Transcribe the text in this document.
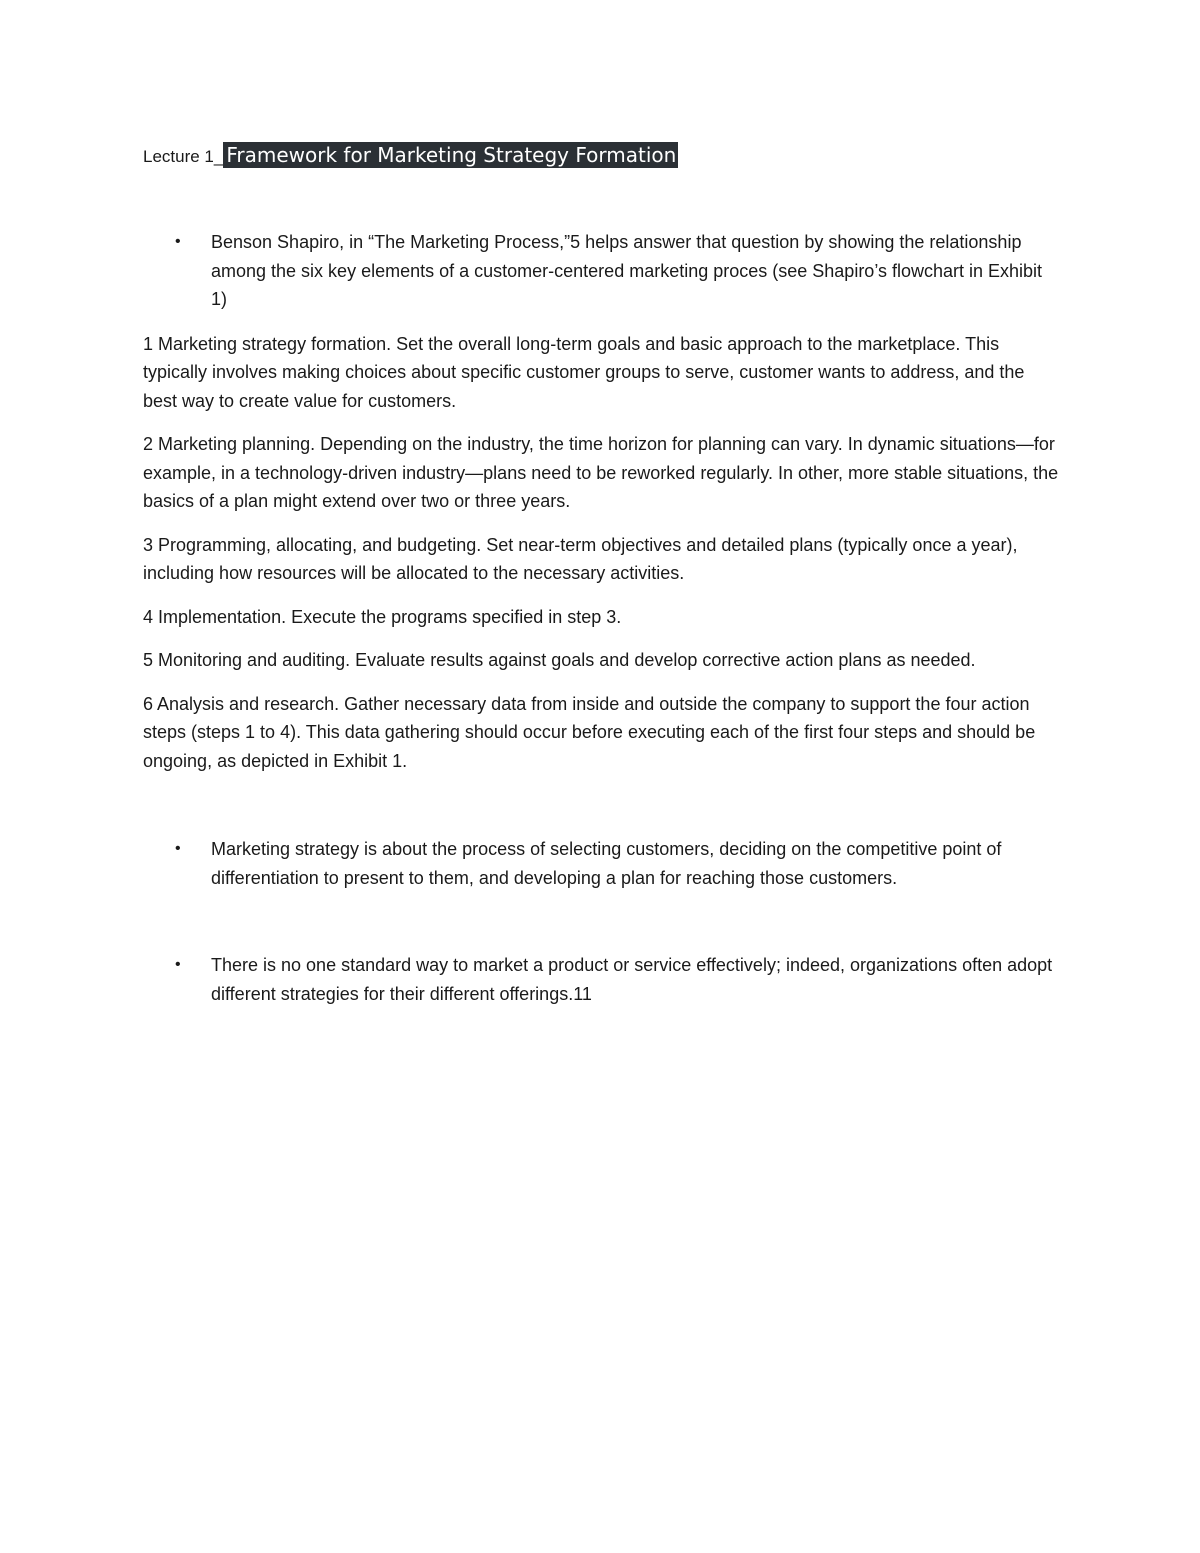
Lecture 1_ Framework for Marketing Strategy Formation

• Benson Shapiro, in “The Marketing Process,”5 helps answer that question by showing the relationship among the six key elements of a customer-centered marketing proces (see Shapiro’s flowchart in Exhibit 1)

1 Marketing strategy formation. Set the overall long-term goals and basic approach to the marketplace. This typically involves making choices about specific customer groups to serve, customer wants to address, and the best way to create value for customers.

2 Marketing planning. Depending on the industry, the time horizon for planning can vary. In dynamic situations—for example, in a technology-driven industry—plans need to be reworked regularly. In other, more stable situations, the basics of a plan might extend over two or three years.

3 Programming, allocating, and budgeting. Set near-term objectives and detailed plans (typically once a year), including how resources will be allocated to the necessary activities.

4 Implementation. Execute the programs specified in step 3.

5 Monitoring and auditing. Evaluate results against goals and develop corrective action plans as needed.

6 Analysis and research. Gather necessary data from inside and outside the company to support the four action steps (steps 1 to 4). This data gathering should occur before executing each of the first four steps and should be ongoing, as depicted in Exhibit 1.

• Marketing strategy is about the process of selecting customers, deciding on the competitive point of differentiation to present to them, and developing a plan for reaching those customers.

• There is no one standard way to market a product or service effectively; indeed, organizations often adopt different strategies for their different offerings.11
